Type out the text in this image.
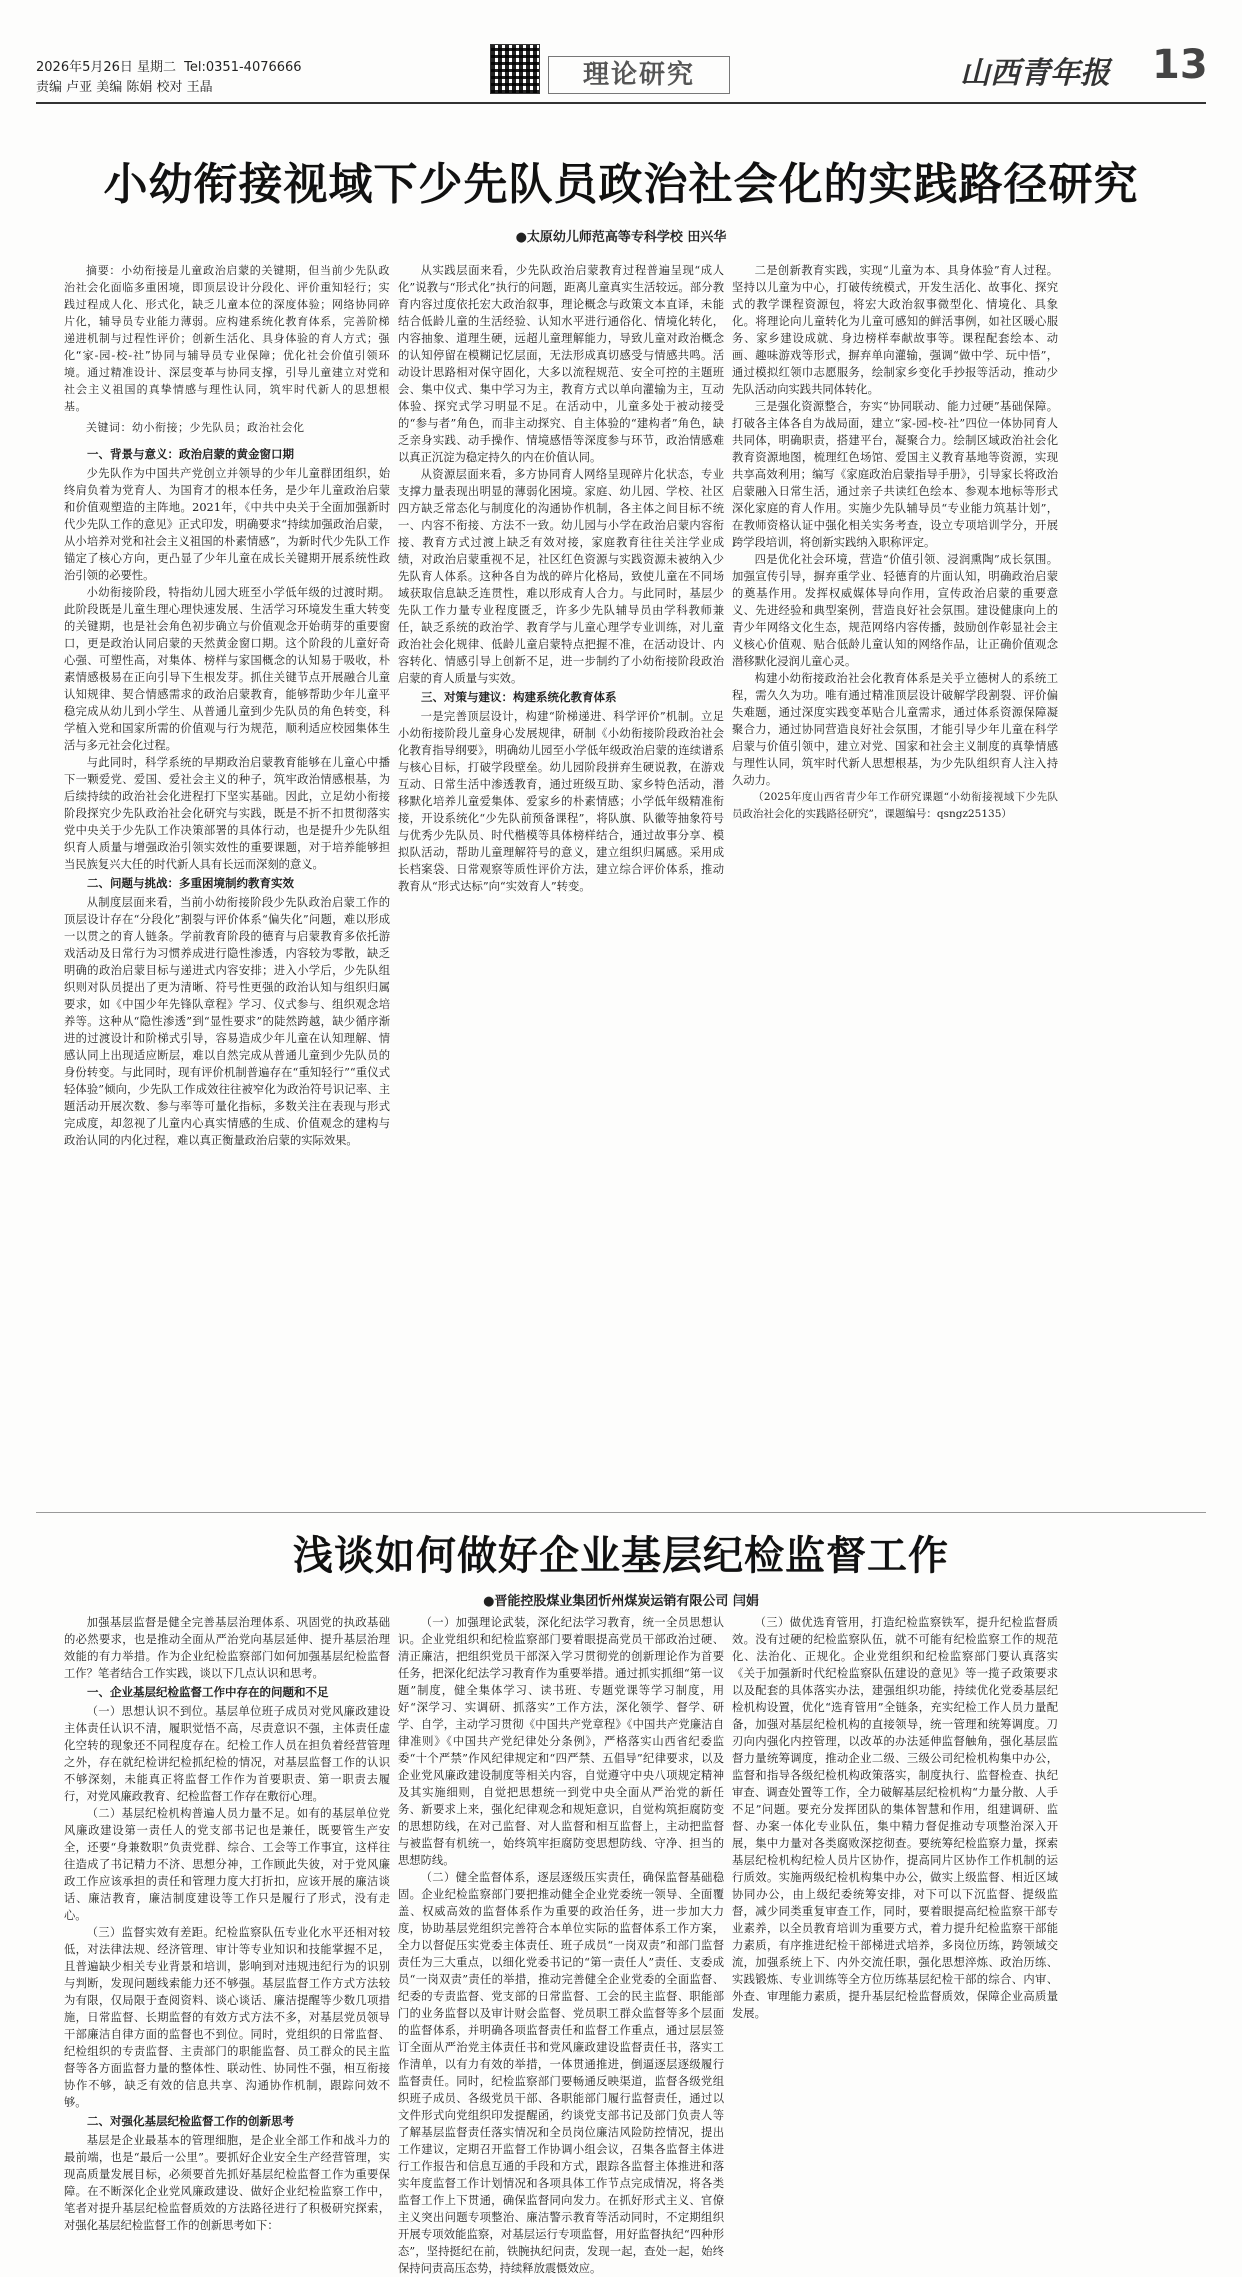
2026年5月26日 星期二 Tel:0351-4076666
责编 卢亚 美编 陈娟 校对 王晶	理论研究	山西青年报 13
小幼衔接视域下少先队员政治社会化的实践路径研究
●太原幼儿师范高等专科学校 田兴华

摘要：小幼衔接是儿童政治启蒙的关键期，但当前少先队政治社会化面临多重困境，即顶层设计分段化、评价重知轻行；实践过程成人化、形式化，缺乏儿童本位的深度体验；网络协同碎片化，辅导员专业能力薄弱。应构建系统化教育体系，完善阶梯递进机制与过程性评价；创新生活化、具身体验的育人方式；强化“家-园-校-社”协同与辅导员专业保障；优化社会价值引领环境。通过精准设计、深层变革与协同支撑，引导儿童建立对党和社会主义祖国的真挚情感与理性认同，筑牢时代新人的思想根基。

关键词：幼小衔接；少先队员；政治社会化

一、背景与意义：政治启蒙的黄金窗口期

少先队作为中国共产党创立并领导的少年儿童群团组织，始终肩负着为党育人、为国育才的根本任务，是少年儿童政治启蒙和价值观塑造的主阵地。2021年，《中共中央关于全面加强新时代少先队工作的意见》正式印发，明确要求“持续加强政治启蒙，从小培养对党和社会主义祖国的朴素情感”，为新时代少先队工作锚定了核心方向，更凸显了少年儿童在成长关键期开展系统性政治引领的必要性。

小幼衔接阶段，特指幼儿园大班至小学低年级的过渡时期。此阶段既是儿童生理心理快速发展、生活学习环境发生重大转变的关键期，也是社会角色初步确立与价值观念开始萌芽的重要窗口，更是政治认同启蒙的天然黄金窗口期。这个阶段的儿童好奇心强、可塑性高，对集体、榜样与家国概念的认知易于吸收，朴素情感极易在正向引导下生根发芽。抓住关键节点开展融合儿童认知规律、契合情感需求的政治启蒙教育，能够帮助少年儿童平稳完成从幼儿到小学生、从普通儿童到少先队员的角色转变，科学植入党和国家所需的价值观与行为规范，顺利适应校园集体生活与多元社会化过程。

与此同时，科学系统的早期政治启蒙教育能够在儿童心中播下一颗爱党、爱国、爱社会主义的种子，筑牢政治情感根基，为后续持续的政治社会化进程打下坚实基础。因此，立足幼小衔接阶段探究少先队政治社会化研究与实践，既是不折不扣贯彻落实党中央关于少先队工作决策部署的具体行动，也是提升少先队组织育人质量与增强政治引领实效性的重要课题，对于培养能够担当民族复兴大任的时代新人具有长远而深刻的意义。

二、问题与挑战：多重困境制约教育实效

从制度层面来看，当前小幼衔接阶段少先队政治启蒙工作的顶层设计存在“分段化”割裂与评价体系“偏失化”问题，难以形成一以贯之的育人链条。学前教育阶段的德育与启蒙教育多依托游戏活动及日常行为习惯养成进行隐性渗透，内容较为零散，缺乏明确的政治启蒙目标与递进式内容安排；进入小学后，少先队组织则对队员提出了更为清晰、符号性更强的政治认知与组织归属要求，如《中国少年先锋队章程》学习、仪式参与、组织观念培养等。这种从“隐性渗透”到“显性要求”的陡然跨越，缺少循序渐进的过渡设计和阶梯式引导，容易造成少年儿童在认知理解、情感认同上出现适应断层，难以自然完成从普通儿童到少先队员的身份转变。与此同时，现有评价机制普遍存在“重知轻行”“重仪式轻体验”倾向，少先队工作成效往往被窄化为政治符号识记率、主题活动开展次数、参与率等可量化指标，多数关注在表现与形式完成度，却忽视了儿童内心真实情感的生成、价值观念的建构与政治认同的内化过程，难以真正衡量政治启蒙的实际效果。

从实践层面来看，少先队政治启蒙教育过程普遍呈现“成人化”说教与“形式化”执行的问题，距离儿童真实生活较远。部分教育内容过度依托宏大政治叙事，理论概念与政策文本直译，未能结合低龄儿童的生活经验、认知水平进行通俗化、情境化转化，内容抽象、道理生硬，远超儿童理解能力，导致儿童对政治概念的认知停留在模糊记忆层面，无法形成真切感受与情感共鸣。活动设计思路相对保守固化，大多以流程规范、安全可控的主题班会、集中仪式、集中学习为主，教育方式以单向灌输为主，互动体验、探究式学习明显不足。在活动中，儿童多处于被动接受的“参与者”角色，而非主动探究、自主体验的“建构者”角色，缺乏亲身实践、动手操作、情境感悟等深度参与环节，政治情感难以真正沉淀为稳定持久的内在价值认同。

从资源层面来看，多方协同育人网络呈现碎片化状态，专业支撑力量表现出明显的薄弱化困境。家庭、幼儿园、学校、社区四方缺乏常态化与制度化的沟通协作机制，各主体之间目标不统一、内容不衔接、方法不一致。幼儿园与小学在政治启蒙内容衔接、教育方式过渡上缺乏有效对接，家庭教育往往关注学业成绩，对政治启蒙重视不足，社区红色资源与实践资源未被纳入少先队育人体系。这种各自为战的碎片化格局，致使儿童在不同场域获取信息缺乏连贯性，难以形成育人合力。与此同时，基层少先队工作力量专业程度匮乏，许多少先队辅导员由学科教师兼任，缺乏系统的政治学、教育学与儿童心理学专业训练，对儿童政治社会化规律、低龄儿童启蒙特点把握不准，在活动设计、内容转化、情感引导上创新不足，进一步制约了小幼衔接阶段政治启蒙的育人质量与实效。

三、对策与建议：构建系统化教育体系

一是完善顶层设计，构建“阶梯递进、科学评价”机制。立足小幼衔接阶段儿童身心发展规律，研制《小幼衔接阶段政治社会化教育指导纲要》，明确幼儿园至小学低年级政治启蒙的连续谱系与核心目标，打破学段壁垒。幼儿园阶段拼弃生硬说教，在游戏互动、日常生活中渗透教育，通过班级互助、家乡特色活动，潜移默化培养儿童爱集体、爱家乡的朴素情感；小学低年级精准衔接，开设系统化“少先队前预备课程”，将队旗、队徽等抽象符号与优秀少先队员、时代楷模等具体榜样结合，通过故事分享、模拟队活动，帮助儿童理解符号的意义，建立组织归属感。采用成长档案袋、日常观察等质性评价方法，建立综合评价体系，推动教育从“形式达标”向“实效育人”转变。

二是创新教育实践，实现“儿童为本、具身体验”育人过程。坚持以儿童为中心，打破传统模式，开发生活化、故事化、探究式的教学课程资源包，将宏大政治叙事微型化、情境化、具象化。将理论向儿童转化为儿童可感知的鲜活事例，如社区暖心服务、家乡建设成就、身边榜样奉献故事等。课程配套绘本、动画、趣味游戏等形式，摒弃单向灌输，强调“做中学、玩中悟”，通过模拟红领巾志愿服务，绘制家乡变化手抄报等活动，推动少先队活动向实践共同体转化。

三是强化资源整合，夯实“协同联动、能力过硬”基础保障。打破各主体各自为战局面，建立“家-园-校-社”四位一体协同育人共同体，明确职责，搭建平台，凝聚合力。绘制区域政治社会化教育资源地图，梳理红色场馆、爱国主义教育基地等资源，实现共享高效利用；编写《家庭政治启蒙指导手册》，引导家长将政治启蒙融入日常生活，通过亲子共读红色绘本、参观本地标等形式深化家庭的育人作用。实施少先队辅导员“专业能力筑基计划”，在教师资格认证中强化相关实务考查，设立专项培训学分，开展跨学段培训，将创新实践纳入职称评定。

四是优化社会环境，营造“价值引领、浸润熏陶”成长氛围。加强宣传引导，摒弃重学业、轻德育的片面认知，明确政治启蒙的奠基作用。发挥权威媒体导向作用，宣传政治启蒙的重要意义、先进经验和典型案例，营造良好社会氛围。建设健康向上的青少年网络文化生态，规范网络内容传播，鼓励创作彰显社会主义核心价值观、贴合低龄儿童认知的网络作品，让正确价值观念潜移默化浸润儿童心灵。

构建小幼衔接政治社会化教育体系是关乎立德树人的系统工程，需久久为功。唯有通过精准顶层设计破解学段割裂、评价偏失难题，通过深度实践变革贴合儿童需求，通过体系资源保障凝聚合力，通过协同营造良好社会氛围，才能引导少年儿童在科学启蒙与价值引领中，建立对党、国家和社会主义制度的真挚情感与理性认同，筑牢时代新人思想根基，为少先队组织育人注入持久动力。

（2025年度山西省青少年工作研究课题“小幼衔接视域下少先队员政治社会化的实践路径研究”，课题编号：qsngz25135）

浅谈如何做好企业基层纪检监督工作
●晋能控股煤业集团忻州煤炭运销有限公司 闫娟

加强基层监督是健全完善基层治理体系、巩固党的执政基础的必然要求，也是推动全面从严治党向基层延伸、提升基层治理效能的有力举措。作为企业纪检监察部门如何加强基层纪检监督工作？笔者结合工作实践，谈以下几点认识和思考。

一、企业基层纪检监督工作中存在的问题和不足

（一）思想认识不到位。基层单位班子成员对党风廉政建设主体责任认识不清，履职觉悟不高，尽责意识不强，主体责任虚化空转的现象还不同程度存在。纪检工作人员在担负着经营管理之外，存在就纪检讲纪检抓纪检的情况，对基层监督工作的认识不够深刻，未能真正将监督工作作为首要职责、第一职责去履行，对党风廉政教育、纪检监督工作存在敷衍心理。

（二）基层纪检机构普遍人员力量不足。如有的基层单位党风廉政建设第一责任人的党支部书记也是兼任，既要管生产安全，还要“身兼数职”负责党群、综合、工会等工作事宜，这样往往造成了书记精力不济、思想分神，工作顾此失彼，对于党风廉政工作应该承担的责任和管理力度大打折扣，应该开展的廉洁谈话、廉洁教育，廉洁制度建设等工作只是履行了形式，没有走心。

（三）监督实效有差距。纪检监察队伍专业化水平还相对较低，对法律法规、经济管理、审计等专业知识和技能掌握不足，且普遍缺少相关专业背景和培训，影响到对违规违纪行为的识别与判断，发现问题线索能力还不够强。基层监督工作方式方法较为有限，仅局限于查阅资料、谈心谈话、廉洁提醒等少数几项措施，日常监督、长期监督的有效方式方法不多，对基层党员领导干部廉洁自律方面的监督也不到位。同时，党组织的日常监督、纪检组织的专责监督、主责部门的职能监督、员工群众的民主监督等各方面监督力量的整体性、联动性、协同性不强，相互衔接协作不够，缺乏有效的信息共享、沟通协作机制，跟踪问效不够。

二、对强化基层纪检监督工作的创新思考

基层是企业最基本的管理细胞，是企业全部工作和战斗力的最前端，也是“最后一公里”。要抓好企业安全生产经营管理，实现高质量发展目标，必须要首先抓好基层纪检监督工作为重要保障。在不断深化企业党风廉政建设、做好企业纪检监察工作中，笔者对提升基层纪检监督质效的方法路径进行了积极研究探索，对强化基层纪检监督工作的创新思考如下：

（一）加强理论武装，深化纪法学习教育，统一全员思想认识。企业党组织和纪检监察部门要着眼提高党员干部政治过硬、清正廉洁，把组织党员干部深入学习贯彻党的创新理论作为首要任务，把深化纪法学习教育作为重要举措。通过抓实抓细“第一议题”制度，健全集体学习、读书班、专题党课等学习制度，用好“深学习、实调研、抓落实”工作方法，深化领学、督学、研学、自学，主动学习贯彻《中国共产党章程》《中国共产党廉洁自律准则》《中国共产党纪律处分条例》，严格落实山西省纪委监委“十个严禁”作风纪律规定和“四严禁、五倡导”纪律要求，以及企业党风廉政建设制度等相关内容，自觉遵守中央八项规定精神及其实施细则，自觉把思想统一到党中央全面从严治党的新任务、新要求上来，强化纪律观念和规矩意识，自觉构筑拒腐防变的思想防线，在对己监督、对人监督和相互监督上，主动把监督与被监督有机统一，始终筑牢拒腐防变思想防线、守净、担当的思想防线。

（二）健全监督体系，逐层逐级压实责任，确保监督基础稳固。企业纪检监察部门要把推动健全企业党委统一领导、全面覆盖、权威高效的监督体系作为重要的政治任务，进一步加大力度，协助基层党组织完善符合本单位实际的监督体系工作方案，全力以督促压实党委主体责任、班子成员“一岗双责”和部门监督责任为三大重点，以细化党委书记的“第一责任人”责任、支委成员“一岗双责”责任的举措，推动完善健全企业党委的全面监督、纪委的专责监督、党支部的日常监督、工会的民主监督、职能部门的业务监督以及审计财会监督、党员职工群众监督等多个层面的监督体系，并明确各项监督责任和监督工作重点，通过层层签订全面从严治党主体责任书和党风廉政建设监督责任书，落实工作清单，以有力有效的举措，一体贯通推进，倒逼逐层逐级履行监督责任。同时，纪检监察部门要畅通反映渠道，监督各级党组织班子成员、各级党员干部、各职能部门履行监督责任，通过以文件形式向党组织印发提醒函，约谈党支部书记及部门负责人等了解基层监督责任落实情况和全员岗位廉洁风险防控情况，提出工作建议，定期召开监督工作协调小组会议，召集各监督主体进行工作报告和信息互通的手段和方式，跟踪各监督主体推进和落实年度监督工作计划情况和各项具体工作节点完成情况，将各类监督工作上下贯通，确保监督同向发力。在抓好形式主义、官僚主义突出问题专项整治、廉洁警示教育等活动同时，不定期组织开展专项效能监察，对基层运行专项监督，用好监督执纪“四种形态”，坚持挺纪在前，铁腕执纪问责，发现一起，查处一起，始终保持问责高压态势，持续释放震慑效应。

（三）做优选育管用，打造纪检监察铁军，提升纪检监督质效。没有过硬的纪检监察队伍，就不可能有纪检监察工作的规范化、法治化、正规化。企业党组织和纪检监察部门要认真落实《关于加强新时代纪检监察队伍建设的意见》等一揽子政策要求以及配套的具体落实办法，建强组织功能，持续优化党委基层纪检机构设置，优化“选育管用”全链条，充实纪检工作人员力量配备，加强对基层纪检机构的直接领导，统一管理和统筹调度。刀刃向内强化内控管理，以改革的办法延伸监督触角，强化基层监督力量统筹调度，推动企业二级、三级公司纪检机构集中办公，监督和指导各级纪检机构政策落实，制度执行、监督检查、执纪审查、调查处置等工作，全力破解基层纪检机构“力量分散、人手不足”问题。要充分发挥团队的集体智慧和作用，组建调研、监督、办案一体化专业队伍，集中精力督促推动专项整治深入开展，集中力量对各类腐败深挖彻查。要统筹纪检监察力量，探索基层纪检机构纪检人员片区协作，提高同片区协作工作机制的运行质效。实施两级纪检机构集中办公，做实上级监督、相近区域协同办公，由上级纪委统筹安排，对下可以下沉监督、提级监督，减少同类重复审查工作，同时，要着眼提高纪检监察干部专业素养，以全员教育培训为重要方式，着力提升纪检监察干部能力素质，有序推进纪检干部梯进式培养，多岗位历练，跨领域交流，加强系统上下、内外交流任职，强化思想淬炼、政治历练、实践锻炼、专业训练等全方位历练基层纪检干部的综合、内审、外查、审理能力素质，提升基层纪检监督质效，保障企业高质量发展。
